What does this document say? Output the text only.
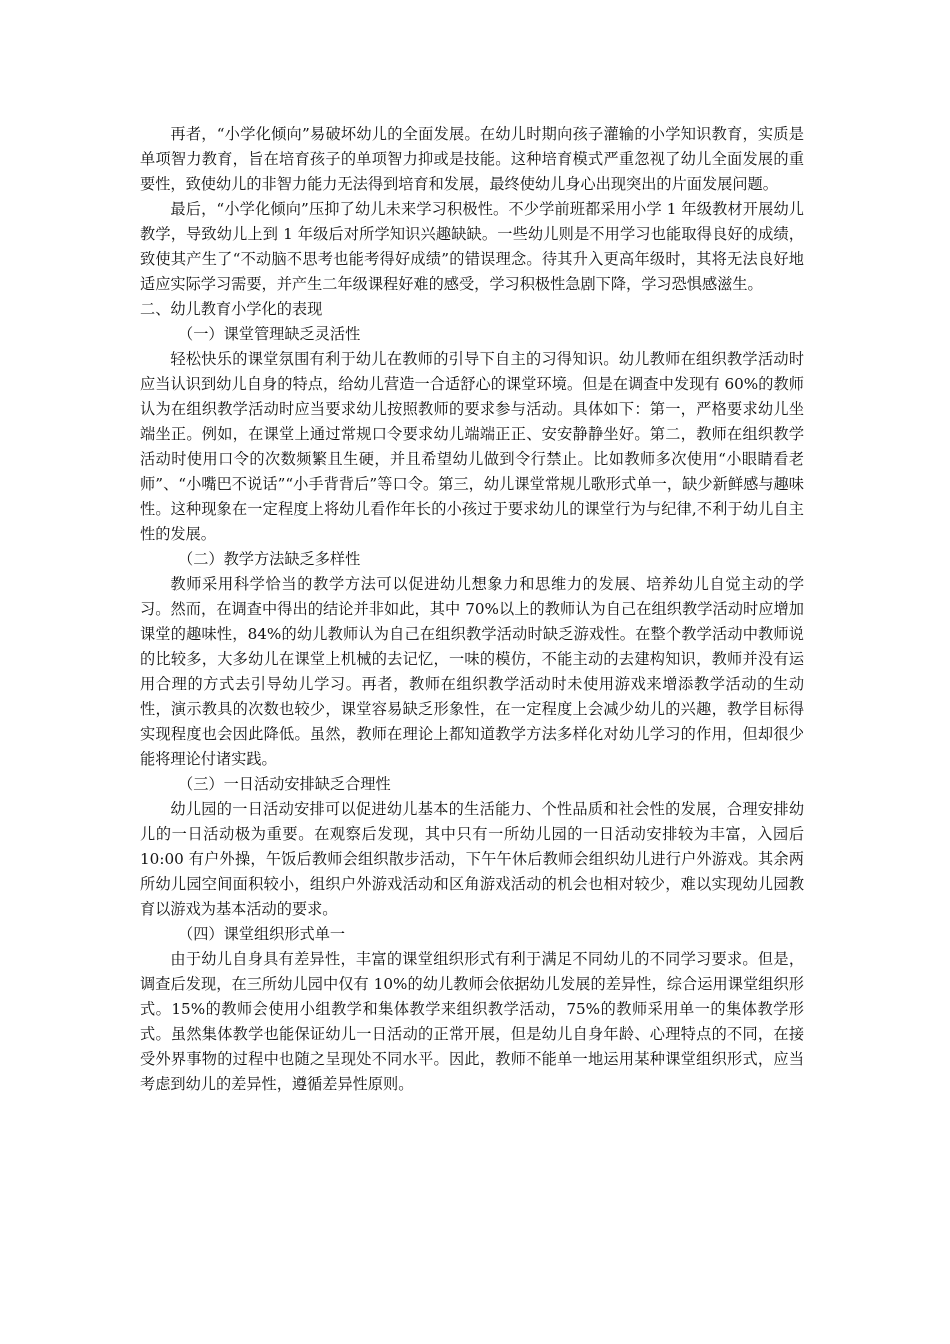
再者，“小学化倾向”易破坏幼儿的全面发展。在幼儿时期向孩子灌输的小学知识教育，实质是单项智力教育，旨在培育孩子的单项智力抑或是技能。这种培育模式严重忽视了幼儿全面发展的重要性，致使幼儿的非智力能力无法得到培育和发展，最终使幼儿身心出现突出的片面发展问题。

最后，“小学化倾向”压抑了幼儿未来学习积极性。不少学前班都采用小学 1 年级教材开展幼儿教学，导致幼儿上到 1 年级后对所学知识兴趣缺缺。一些幼儿则是不用学习也能取得良好的成绩，致使其产生了“不动脑不思考也能考得好成绩”的错误理念。待其升入更高年级时，其将无法良好地适应实际学习需要，并产生二年级课程好难的感受，学习积极性急剧下降，学习恐惧感滋生。

二、幼儿教育小学化的表现

（一）课堂管理缺乏灵活性

轻松快乐的课堂氛围有利于幼儿在教师的引导下自主的习得知识。幼儿教师在组织教学活动时应当认识到幼儿自身的特点，给幼儿营造一合适舒心的课堂环境。但是在调查中发现有 60%的教师认为在组织教学活动时应当要求幼儿按照教师的要求参与活动。具体如下：第一，严格要求幼儿坐端坐正。例如，在课堂上通过常规口令要求幼儿端端正正、安安静静坐好。第二，教师在组织教学活动时使用口令的次数频繁且生硬，并且希望幼儿做到令行禁止。比如教师多次使用“小眼睛看老师”、“小嘴巴不说话”“小手背背后”等口令。第三，幼儿课堂常规儿歌形式单一，缺少新鲜感与趣味性。这种现象在一定程度上将幼儿看作年长的小孩过于要求幼儿的课堂行为与纪律,不利于幼儿自主性的发展。

（二）教学方法缺乏多样性

教师采用科学恰当的教学方法可以促进幼儿想象力和思维力的发展、培养幼儿自觉主动的学习。然而，在调查中得出的结论并非如此，其中 70%以上的教师认为自己在组织教学活动时应增加课堂的趣味性，84%的幼儿教师认为自己在组织教学活动时缺乏游戏性。在整个教学活动中教师说的比较多，大多幼儿在课堂上机械的去记忆，一味的模仿，不能主动的去建构知识，教师并没有运用合理的方式去引导幼儿学习。再者，教师在组织教学活动时未使用游戏来增添教学活动的生动性，演示教具的次数也较少，课堂容易缺乏形象性，在一定程度上会减少幼儿的兴趣，教学目标得实现程度也会因此降低。虽然，教师在理论上都知道教学方法多样化对幼儿学习的作用，但却很少能将理论付诸实践。

（三）一日活动安排缺乏合理性

幼儿园的一日活动安排可以促进幼儿基本的生活能力、个性品质和社会性的发展，合理安排幼儿的一日活动极为重要。在观察后发现，其中只有一所幼儿园的一日活动安排较为丰富，入园后 10:00 有户外操，午饭后教师会组织散步活动，下午午休后教师会组织幼儿进行户外游戏。其余两所幼儿园空间面积较小，组织户外游戏活动和区角游戏活动的机会也相对较少，难以实现幼儿园教育以游戏为基本活动的要求。

（四）课堂组织形式单一

由于幼儿自身具有差异性，丰富的课堂组织形式有利于满足不同幼儿的不同学习要求。但是，调查后发现，在三所幼儿园中仅有 10%的幼儿教师会依据幼儿发展的差异性，综合运用课堂组织形式。15%的教师会使用小组教学和集体教学来组织教学活动，75%的教师采用单一的集体教学形式。虽然集体教学也能保证幼儿一日活动的正常开展，但是幼儿自身年龄、心理特点的不同，在接受外界事物的过程中也随之呈现处不同水平。因此，教师不能单一地运用某种课堂组织形式，应当考虑到幼儿的差异性，遵循差异性原则。
